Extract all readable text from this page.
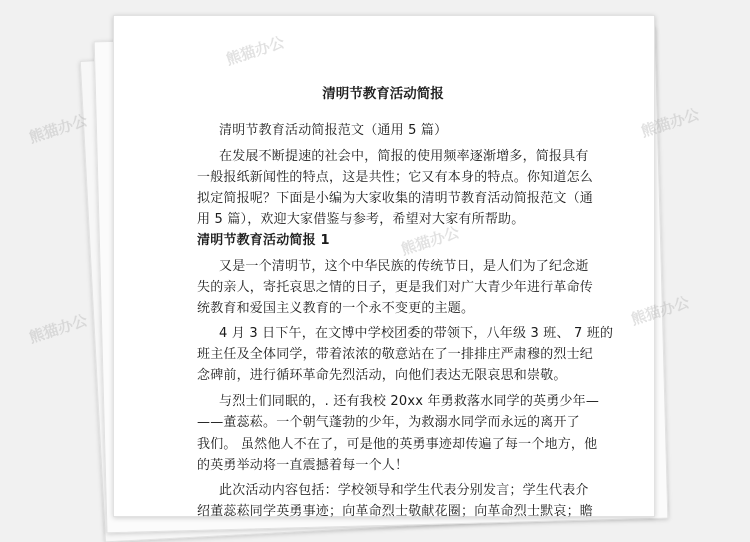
清明节教育活动简报
清明节教育活动简报范文（通用 5 篇）
在发展不断提速的社会中，简报的使用频率逐渐增多，简报具有
一般报纸新闻性的特点，这是共性；它又有本身的特点。你知道怎么
拟定简报呢？下面是小编为大家收集的清明节教育活动简报范文（通
用 5 篇），欢迎大家借鉴与参考，希望对大家有所帮助。
清明节教育活动简报 1
又是一个清明节，这个中华民族的传统节日，是人们为了纪念逝
失的亲人，寄托哀思之情的日子，更是我们对广大青少年进行革命传
统教育和爱国主义教育的一个永不变更的主题。
4 月 3 日下午，在文博中学校团委的带领下，八年级 3 班、 7 班的
班主任及全体同学，带着浓浓的敬意站在了一排排庄严肃穆的烈士纪
念碑前，进行循环革命先烈活动，向他们表达无限哀思和崇敬。
与烈士们同眠的，. 还有我校 20xx 年勇救落水同学的英勇少年—
——董蕊菘。一个朝气蓬勃的少年，为救溺水同学而永远的离开了
我们。 虽然他人不在了，可是他的英勇事迹却传遍了每一个地方，他
的英勇举动将一直震撼着每一个人！
此次活动内容包括：学校领导和学生代表分别发言；学生代表介
绍董蕊菘同学英勇事迹；向革命烈士敬献花圈；向革命烈士默哀；瞻
熊猫办公	熊猫办公
熊猫办公
熊猫办公
熊猫办公
熊猫办公
